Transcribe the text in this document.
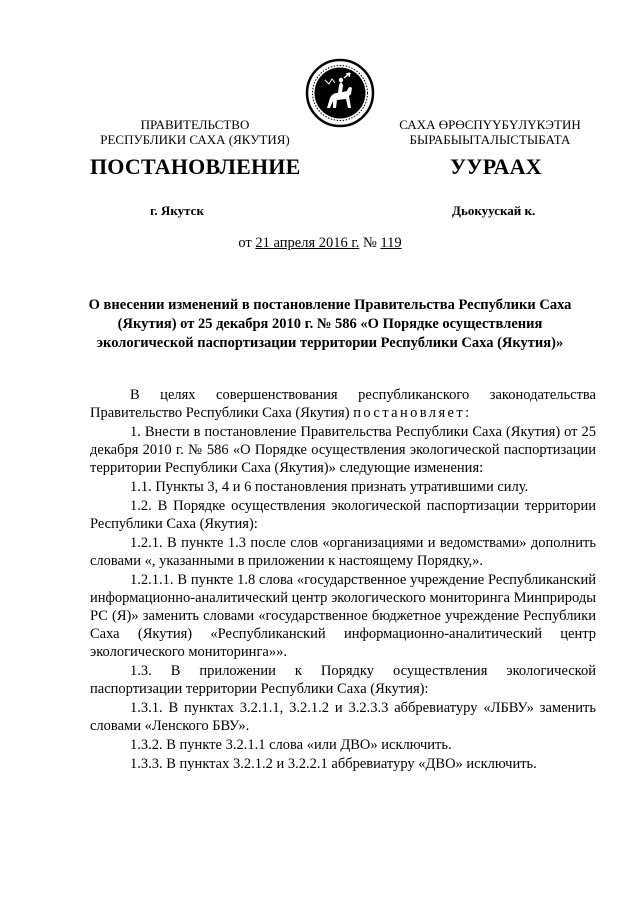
ПРАВИТЕЛЬСТВО
РЕСПУБЛИКИ САХА (ЯКУТИЯ)
САХА ӨРӨСПҮҮБҮЛҮКЭТИН
БЫРАБЫЫТАЛЫСТЫБАТА
ПОСТАНОВЛЕНИЕ	УУРААХ
г. Якутск	Дьокуускай к.
от 21 апреля 2016 г. № 119
О внесении изменений в постановление Правительства Республики Саха (Якутия) от 25 декабря 2010 г. № 586 «О Порядке осуществления экологической паспортизации территории Республики Саха (Якутия)»

В целях совершенствования республиканского законодательства Правительство Республики Саха (Якутия) постановляет:

1. Внести в постановление Правительства Республики Саха (Якутия) от 25 декабря 2010 г. № 586 «О Порядке осуществления экологической паспортизации территории Республики Саха (Якутия)» следующие изменения:

1.1. Пункты 3, 4 и 6 постановления признать утратившими силу.

1.2. В Порядке осуществления экологической паспортизации территории Республики Саха (Якутия):

1.2.1. В пункте 1.3 после слов «организациями и ведомствами» дополнить словами «, указанными в приложении к настоящему Порядку,».

1.2.1.1. В пункте 1.8 слова «государственное учреждение Республиканский информационно-аналитический центр экологического мониторинга Минприроды РС (Я)» заменить словами «государственное бюджетное учреждение Республики Саха (Якутия) «Республиканский информационно-аналитический центр экологического мониторинга»».

1.3. В приложении к Порядку осуществления экологической паспортизации территории Республики Саха (Якутия):

1.3.1. В пунктах 3.2.1.1, 3.2.1.2 и 3.2.3.3 аббревиатуру «ЛБВУ» заменить словами «Ленского БВУ».

1.3.2. В пункте 3.2.1.1 слова «или ДВО» исключить.

1.3.3. В пунктах 3.2.1.2 и 3.2.2.1 аббревиатуру «ДВО» исключить.
